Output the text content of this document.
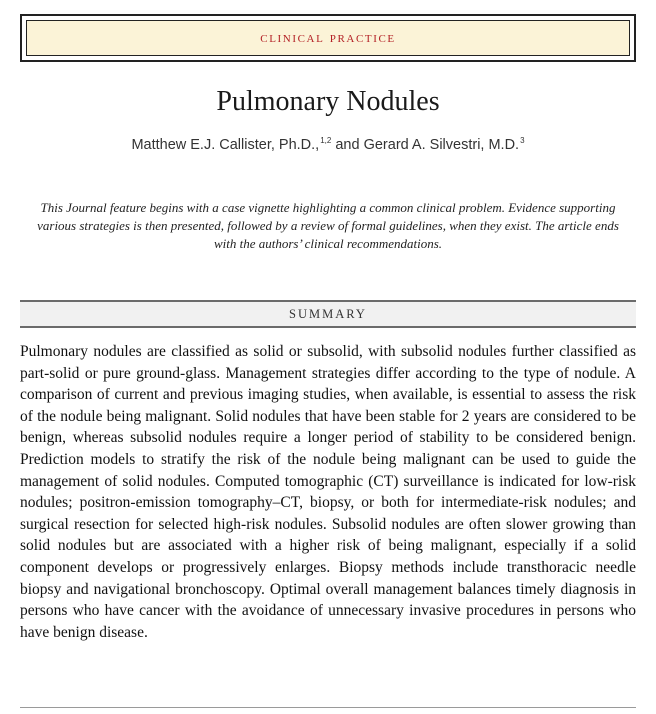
clinical practice
Pulmonary Nodules
Matthew E.J. Callister, Ph.D.,$^{1,2}$ and Gerard A. Silvestri, M.D.$^3$
This Journal feature begins with a case vignette highlighting a common clinical problem. Evidence supporting various strategies is then presented, followed by a review of formal guidelines, when they exist. The article ends with the authors’ clinical recommendations.
SUMMARY

Pulmonary nodules are classified as solid or subsolid, with subsolid nodules further classified as part-solid or pure ground-glass. Management strategies differ according to the type of nodule. A comparison of current and previous imaging studies, when available, is essential to assess the risk of the nodule being malignant. Solid nodules that have been stable for 2 years are considered to be benign, whereas subsolid nodules require a longer period of stability to be considered benign. Prediction models to stratify the risk of the nodule being malignant can be used to guide the management of solid nodules. Computed tomographic (CT) surveillance is indicated for low-risk nodules; positron-emission tomography–CT, biopsy, or both for intermediate-risk nodules; and surgical resection for selected high-risk nodules. Subsolid nodules are often slower growing than solid nodules but are associated with a higher risk of being malignant, especially if a solid component develops or progressively enlarges. Biopsy methods include transthoracic needle biopsy and navigational bronchoscopy. Optimal overall management balances timely diagnosis in persons who have cancer with the avoidance of unnecessary invasive procedures in persons who have benign disease.
